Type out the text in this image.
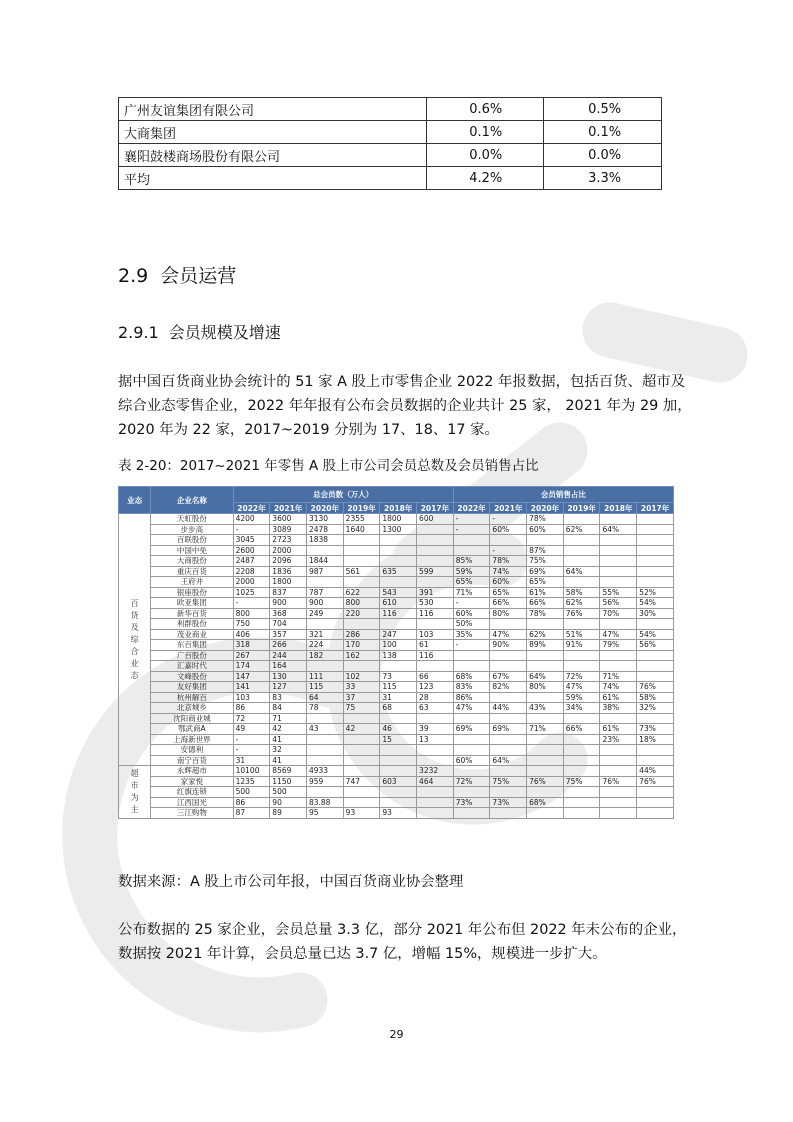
广州友谊集团有限公司	0.6%	0.5%
大商集团	0.1%	0.1%
襄阳鼓楼商场股份有限公司	0.0%	0.0%
平均	4.2%	3.3%
2.9 会员运营
2.9.1 会员规模及增速

据中国百货商业协会统计的 51 家 A 股上市零售企业 2022 年报数据，包括百货、超市及综合业态零售企业，2022 年年报有公布会员数据的企业共计 25 家， 2021 年为 29 加，2020 年为 22 家，2017~2019 分别为 17、18、17 家。

表 2-20：2017~2021 年零售 A 股上市公司会员总数及会员销售占比
业态	企业名称	总会员数（万人）						会员销售占比					
		2022年	2021年	2020年	2019年	2018年	2017年	2022年	2021年	2020年	2019年	2018年	2017年
百货及综合业态	天虹股份	4200	3600	3130	2355	1800	600	-	-	78%			
	步步高	-	3089	2478	1640	1300		-	60%	60%	62%	64%	
	百联股份	3045	2723	1838									
	中国中免	2600	2000						-	87%			
	大商股份	2487	2096	1844				85%	78%	75%			
	重庆百货	2208	1836	987	561	635	599	59%	74%	69%	64%		
	王府井	2000	1800					65%	60%	65%			
	银座股份	1025	837	787	622	543	391	71%	65%	61%	58%	55%	52%
	欧亚集团	-	900	900	800	610	530	-	66%	66%	62%	56%	54%
	新华百货	800	368	249	220	116	116	60%	80%	78%	76%	70%	30%
	利群股份	750	704					50%					
	茂业商业	406	357	321	286	247	103	35%	47%	62%	51%	47%	54%
	东百集团	318	266	224	170	100	61	-	90%	89%	91%	79%	56%
	广百股份	267	244	182	162	138	116						
	汇嘉时代	174	164										
	文峰股份	147	130	111	102	73	66	68%	67%	64%	72%	71%	
	友好集团	141	127	115	33	115	123	83%	82%	80%	47%	74%	76%
	杭州解百	103	83	64	37	31	28	86%			59%	61%	58%
	北京城乡	86	84	78	75	68	63	47%	44%	43%	34%	38%	32%
	沈阳商业城	72	71										
	鄂武商A	49	42	43	42	46	39	69%	69%	71%	66%	61%	73%
	上海新世界	-	41			15	13					23%	18%
	安德利	-	32										
	南宁百货	31	41					60%	64%				
超市为主	永辉超市	10100	8569	4933			3232						44%
	家家悦	1235	1150	959	747	603	464	72%	75%	76%	75%	76%	76%
	红旗连锁	500	500										
	江西国光	86	90	83.88				73%	73%	68%			
	三江购物	87	89	95	93	93							
数据来源：A 股上市公司年报，中国百货商业协会整理

公布数据的 25 家企业，会员总量 3.3 亿，部分 2021 年公布但 2022 年未公布的企业，数据按 2021 年计算，会员总量已达 3.7 亿，增幅 15%，规模进一步扩大。

29
